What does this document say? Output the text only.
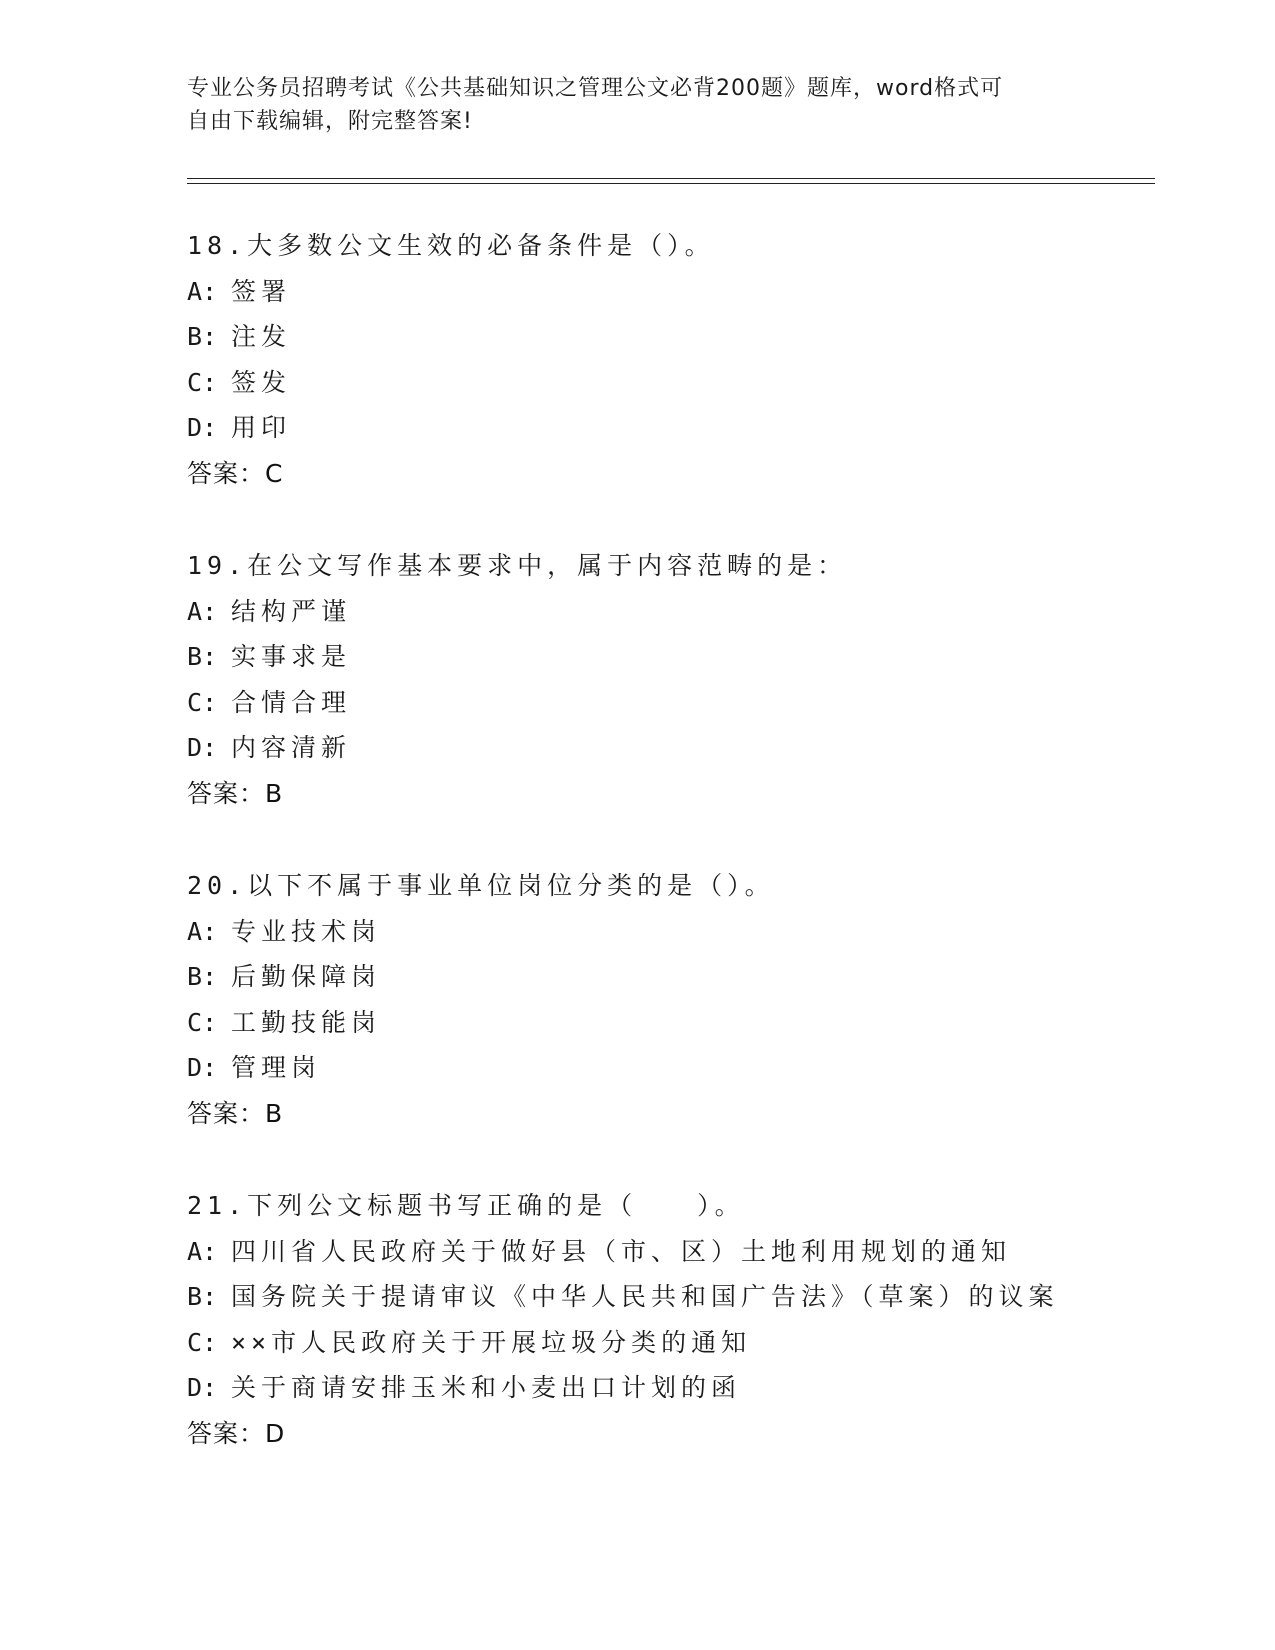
专业公务员招聘考试《公共基础知识之管理公文必背200题》题库，word格式可
自由下载编辑，附完整答案!
18.大多数公文生效的必备条件是（）。
A: 签署
B: 注发
C: 签发
D: 用印
答案：C
19.在公文写作基本要求中，属于内容范畴的是：
A: 结构严谨
B: 实事求是
C: 合情合理
D: 内容清新
答案：B
20.以下不属于事业单位岗位分类的是（）。
A: 专业技术岗
B: 后勤保障岗
C: 工勤技能岗
D: 管理岗
答案：B
21.下列公文标题书写正确的是（　　）。
A: 四川省人民政府关于做好县（市、区）土地利用规划的通知
B: 国务院关于提请审议《中华人民共和国广告法》（草案）的议案
C: ××市人民政府关于开展垃圾分类的通知
D: 关于商请安排玉米和小麦出口计划的函
答案：D
